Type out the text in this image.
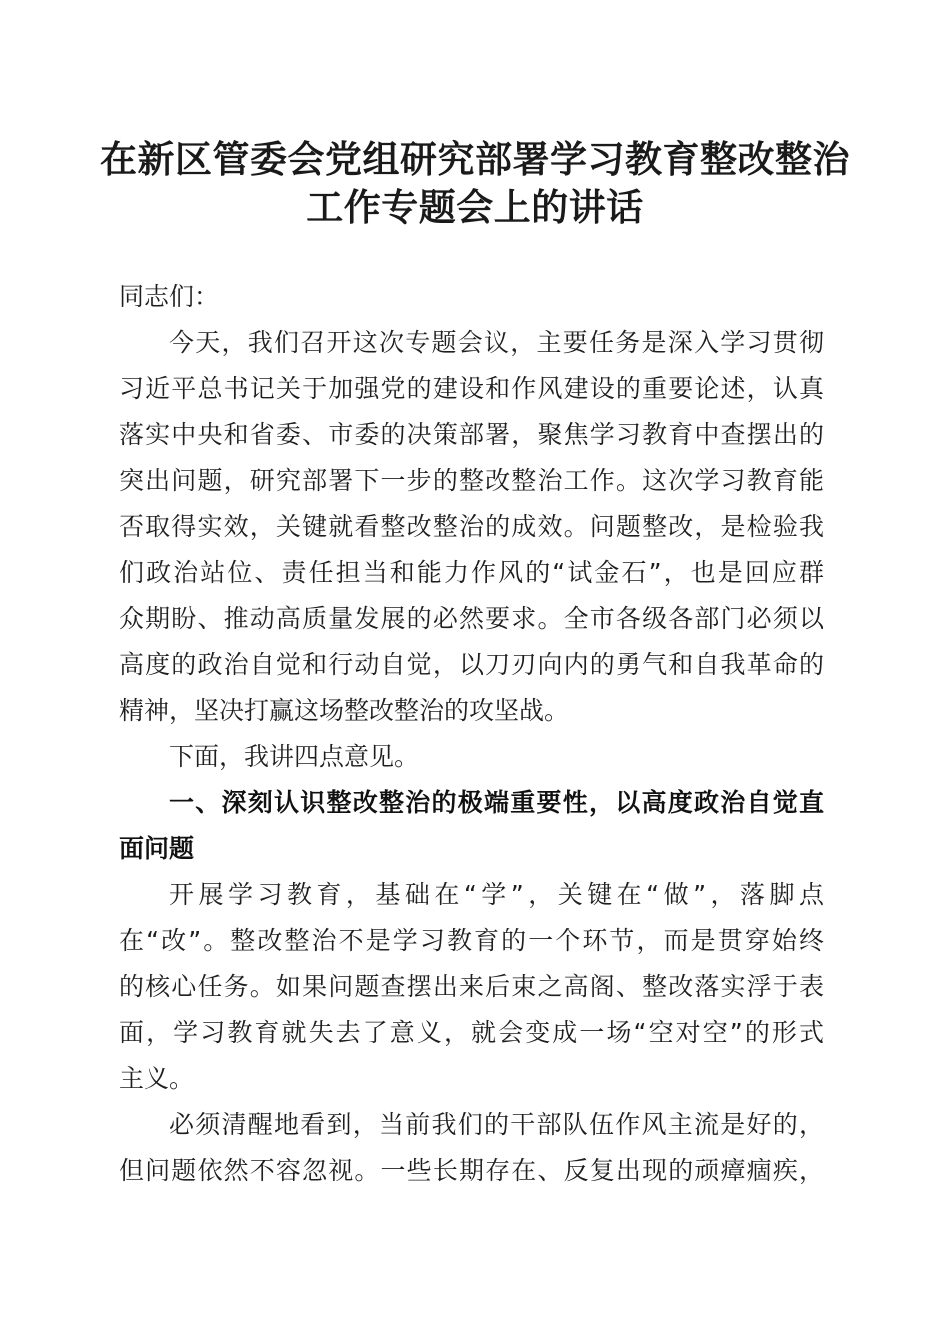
在新区管委会党组研究部署学习教育整改整治
工作专题会上的讲话
同志们：
今天，我们召开这次专题会议，主要任务是深入学习贯彻
习近平总书记关于加强党的建设和作风建设的重要论述，认真
落实中央和省委、市委的决策部署，聚焦学习教育中查摆出的
突出问题，研究部署下一步的整改整治工作。这次学习教育能
否取得实效，关键就看整改整治的成效。问题整改，是检验我
们政治站位、责任担当和能力作风的“试金石”，也是回应群
众期盼、推动高质量发展的必然要求。全市各级各部门必须以
高度的政治自觉和行动自觉，以刀刃向内的勇气和自我革命的
精神，坚决打赢这场整改整治的攻坚战。
下面，我讲四点意见。
一、深刻认识整改整治的极端重要性，以高度政治自觉直
面问题
开展学习教育，基础在“学”，关键在“做”，落脚点
在“改”。整改整治不是学习教育的一个环节，而是贯穿始终
的核心任务。如果问题查摆出来后束之高阁、整改落实浮于表
面，学习教育就失去了意义，就会变成一场“空对空”的形式
主义。
必须清醒地看到，当前我们的干部队伍作风主流是好的，
但问题依然不容忽视。一些长期存在、反复出现的顽瘴痼疾，
